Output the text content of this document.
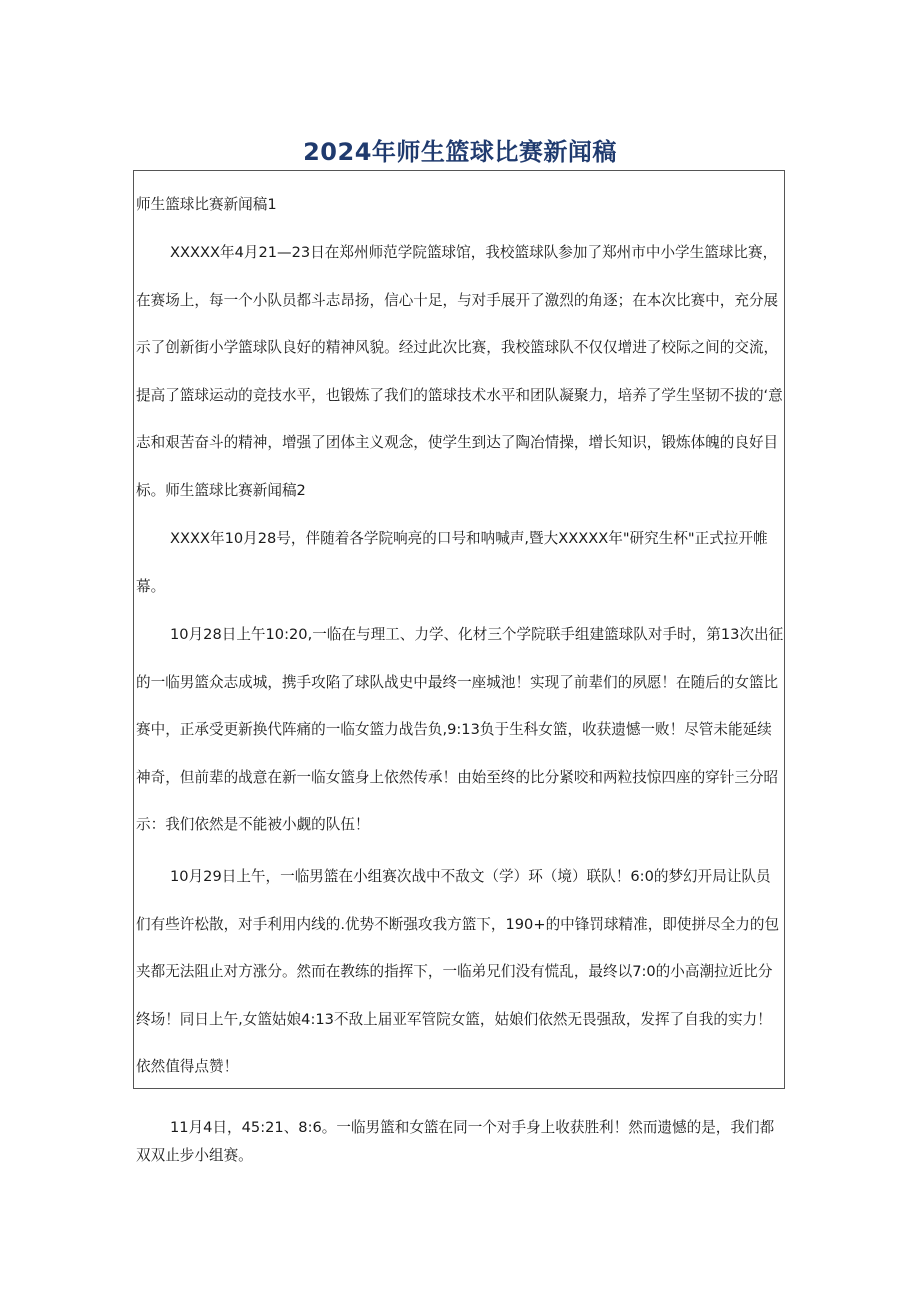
2024年师生篮球比赛新闻稿

师生篮球比赛新闻稿1

XXXXX年4月21—23日在郑州师范学院篮球馆，我校篮球队参加了郑州市中小学生篮球比赛，在赛场上，每一个小队员都斗志昂扬，信心十足，与对手展开了激烈的角逐；在本次比赛中，充分展示了创新街小学篮球队良好的精神风貌。经过此次比赛，我校篮球队不仅仅增进了校际之间的交流，提高了篮球运动的竞技水平，也锻炼了我们的篮球技术水平和团队凝聚力，培养了学生坚韧不拔的‘意志和艰苦奋斗的精神，增强了团体主义观念，使学生到达了陶冶情操，增长知识，锻炼体魄的良好目标。师生篮球比赛新闻稿2

XXXX年10月28号，伴随着各学院响亮的口号和呐喊声,暨大XXXXX年"研究生杯"正式拉开帷幕。

10月28日上午10:20,一临在与理工、力学、化材三个学院联手组建篮球队对手时，第13次出征的一临男篮众志成城，携手攻陷了球队战史中最终一座城池！实现了前辈们的夙愿！在随后的女篮比赛中，正承受更新换代阵痛的一临女篮力战告负,9:13负于生科女篮，收获遗憾一败！尽管未能延续神奇，但前辈的战意在新一临女篮身上依然传承！由始至终的比分紧咬和两粒技惊四座的穿针三分昭示：我们依然是不能被小觑的队伍！

10月29日上午，一临男篮在小组赛次战中不敌文（学）环（境）联队！6:0的梦幻开局让队员们有些许松散，对手利用内线的.优势不断强攻我方篮下，190+的中锋罚球精准，即使拼尽全力的包夹都无法阻止对方涨分。然而在教练的指挥下，一临弟兄们没有慌乱，最终以7:0的小高潮拉近比分终场！同日上午,女篮姑娘4:13不敌上届亚军管院女篮，姑娘们依然无畏强敌，发挥了自我的实力！依然值得点赞！

11月4日，45:21、8:6。一临男篮和女篮在同一个对手身上收获胜利！然而遗憾的是，我们都双双止步小组赛。
